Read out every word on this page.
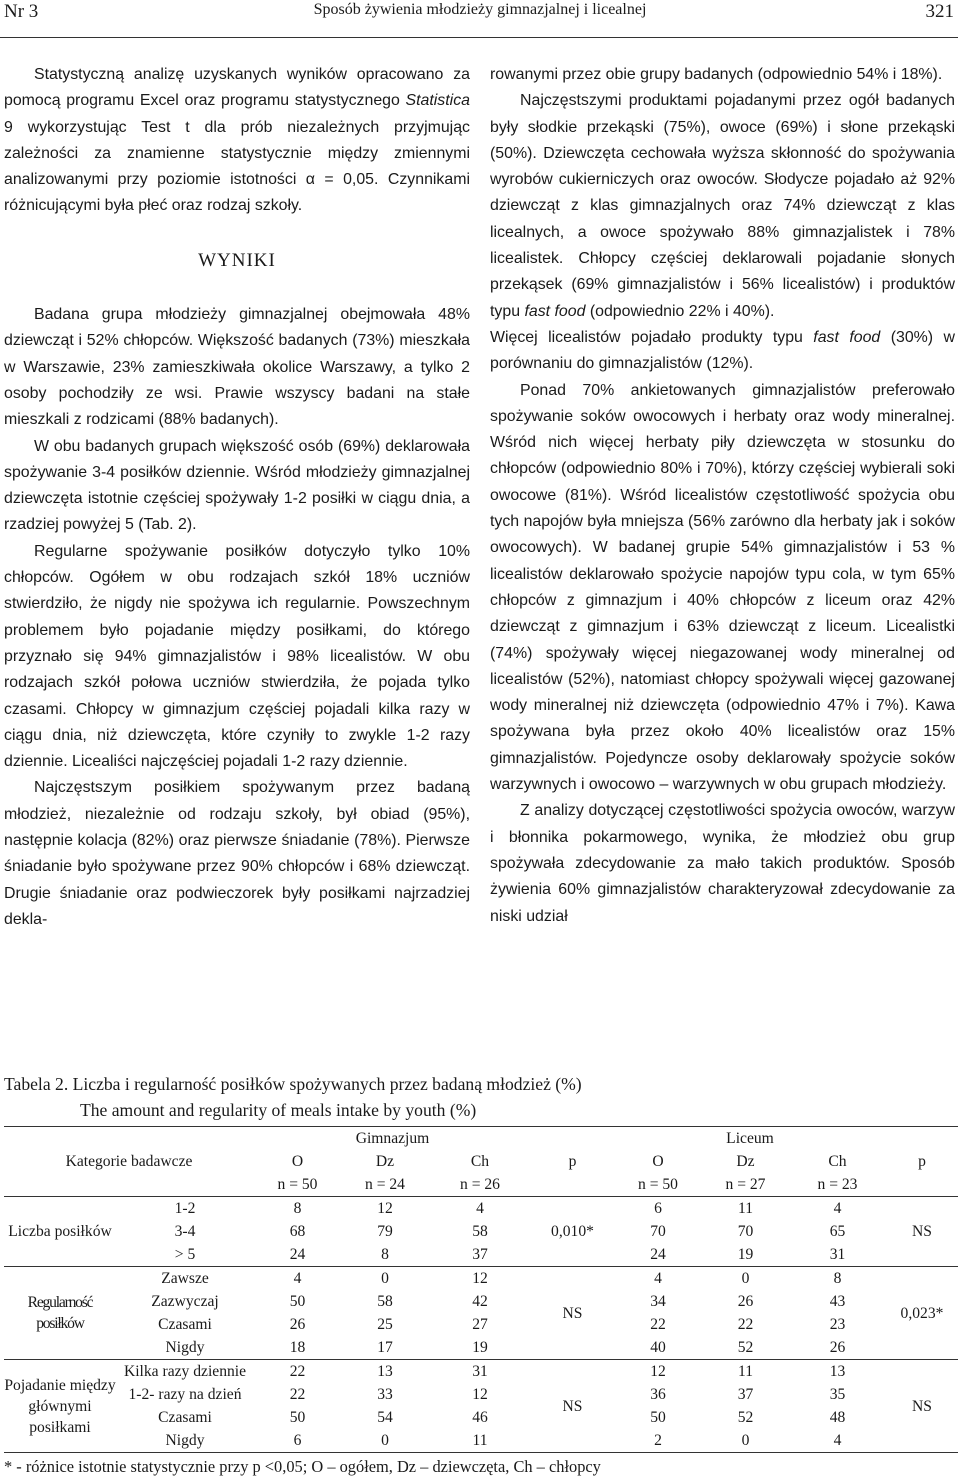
Nr 3	Sposób żywienia młodzieży gimnazjalnej i licealnej	321

Statystyczną analizę uzyskanych wyników opracowano za pomocą programu Excel oraz programu statystycznego Statistica 9 wykorzystując Test t dla prób niezależnych przyjmując zależności za znamienne statystycznie między zmiennymi analizowanymi przy poziomie istotności α = 0,05. Czynnikami różnicującymi była płeć oraz rodzaj szkoły.

WYNIKI

Badana grupa młodzieży gimnazjalnej obejmowała 48% dziewcząt i 52% chłopców. Większość badanych (73%) mieszkała w Warszawie, 23% zamieszkiwała okolice Warszawy, a tylko 2 osoby pochodziły ze wsi. Prawie wszyscy badani na stałe mieszkali z rodzicami (88% badanych).

W obu badanych grupach większość osób (69%) deklarowała spożywanie 3-4 posiłków dziennie. Wśród młodzieży gimnazjalnej dziewczęta istotnie częściej spożywały 1-2 posiłki w ciągu dnia, a rzadziej powyżej 5 (Tab. 2).

Regularne spożywanie posiłków dotyczyło tylko 10% chłopców. Ogółem w obu rodzajach szkół 18% uczniów stwierdziło, że nigdy nie spożywa ich regularnie. Powszechnym problemem było pojadanie między posiłkami, do którego przyznało się 94% gimnazjalistów i 98% licealistów. W obu rodzajach szkół połowa uczniów stwierdziła, że pojada tylko czasami. Chłopcy w gimnazjum częściej pojadali kilka razy w ciągu dnia, niż dziewczęta, które czyniły to zwykle 1-2 razy dziennie. Licealiści najczęściej pojadali 1-2 razy dziennie.

Najczęstszym posiłkiem spożywanym przez badaną młodzież, niezależnie od rodzaju szkoły, był obiad (95%), następnie kolacja (82%) oraz pierwsze śniadanie (78%). Pierwsze śniadanie było spożywane przez 90% chłopców i 68% dziewcząt. Drugie śniadanie oraz podwieczorek były posiłkami najrzadziej dekla-

rowanymi przez obie grupy badanych (odpowiednio 54% i 18%).

Najczęstszymi produktami pojadanymi przez ogół badanych były słodkie przekąski (75%), owoce (69%) i słone przekąski (50%). Dziewczęta cechowała wyższa skłonność do spożywania wyrobów cukierniczych oraz owoców. Słodycze pojadało aż 92% dziewcząt z klas gimnazjalnych oraz 74% dziewcząt z klas licealnych, a owoce spożywało 88% gimnazjalistek i 78% licealistek. Chłopcy częściej deklarowali pojadanie słonych przekąsek (69% gimnazjalistów i 56% licealistów) i produktów typu fast food (odpowiednio 22% i 40%).

Więcej licealistów pojadało produkty typu fast food (30%) w porównaniu do gimnazjalistów (12%).

Ponad 70% ankietowanych gimnazjalistów preferowało spożywanie soków owocowych i herbaty oraz wody mineralnej. Wśród nich więcej herbaty piły dziewczęta w stosunku do chłopców (odpowiednio 80% i 70%), którzy częściej wybierali soki owocowe (81%). Wśród licealistów częstotliwość spożycia obu tych napojów była mniejsza (56% zarówno dla herbaty jak i soków owocowych). W badanej grupie 54% gimnazjalistów i 53 % licealistów deklarowało spożycie napojów typu cola, w tym 65% chłopców z gimnazjum i 40% chłopców z liceum oraz 42% dziewcząt z gimnazjum i 63% dziewcząt z liceum. Licealistki (74%) spożywały więcej niegazowanej wody mineralnej od licealistów (52%), natomiast chłopcy spożywali więcej gazowanej wody mineralnej niż dziewczęta (odpowiednio 47% i 7%). Kawa spożywana była przez około 40% licealistów oraz 15% gimnazjalistów. Pojedyncze osoby deklarowały spożycie soków warzywnych i owocowo – warzywnych w obu grupach młodzieży.

Z analizy dotyczącej częstotliwości spożycia owoców, warzyw i błonnika pokarmowego, wynika, że młodzież obu grup spożywała zdecydowanie za mało takich produktów. Sposób żywienia 60% gimnazjalistów charakteryzował zdecydowanie za niski udział

Tabela 2. Liczba i regularność posiłków spożywanych przez badaną młodzież (%)
The amount and regularity of meals intake by youth (%)
Kategorie badawcze		Gimnazjum			p	Liceum			p
		O	Dz	Ch		O	Dz	Ch	
		n = 50	n = 24	n = 26		n = 50	n = 27	n = 23	
Liczba posiłków	1-2	8	12	4	0,010*	6	11	4	NS
	3-4	68	79	58		70	70	65	
	> 5	24	8	37		24	19	31	
Regularność posiłków	Zawsze	4	0	12	NS	4	0	8	0,023*
	Zazwyczaj	50	58	42		34	26	43	
	Czasami	26	25	27		22	22	23	
	Nigdy	18	17	19		40	52	26	
Pojadanie między głównymi posiłkami	Kilka razy dziennie	22	13	31	NS	12	11	13	NS
	1-2- razy na dzień	22	33	12		36	37	35	
	Czasami	50	54	46		50	52	48	
	Nigdy	6	0	11		2	0	4	
* - różnice istotnie statystycznie przy p <0,05; O – ogółem, Dz – dziewczęta, Ch – chłopcy
